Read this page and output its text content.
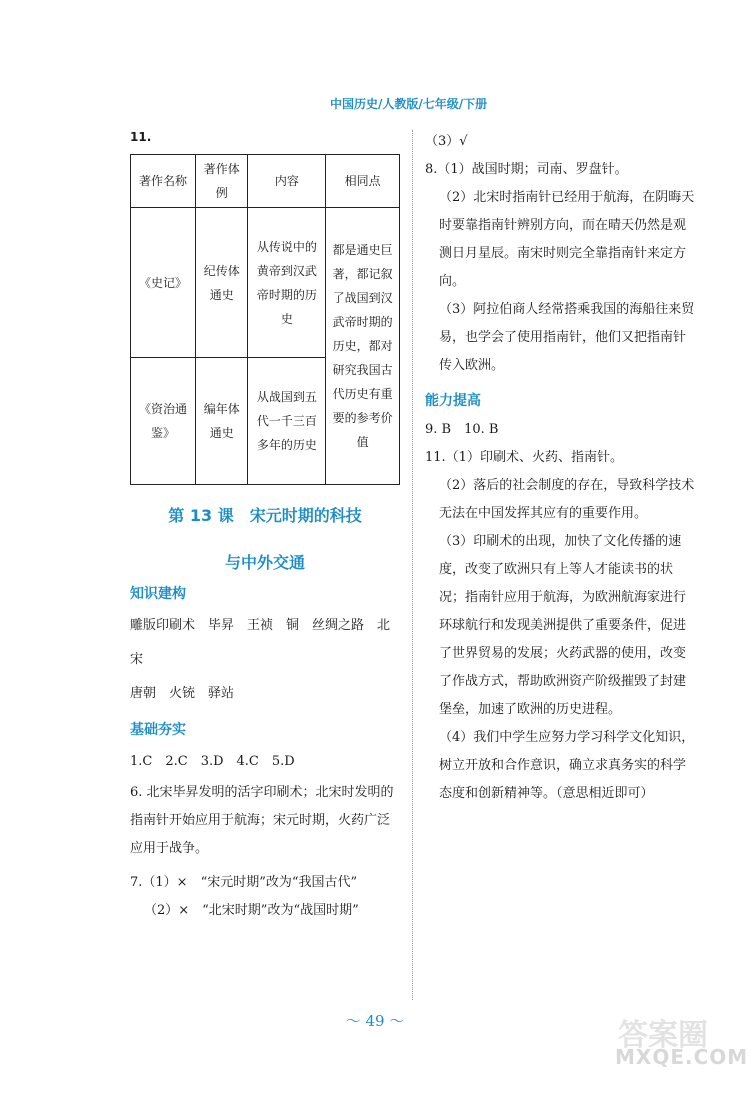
中国历史/人教版/七年级/下册
11.
著作名称	著作体例	内容	相同点
《史记》	纪传体通史	从传说中的黄帝到汉武帝时期的历史	都是通史巨著，都记叙了战国到汉武帝时期的历史，都对研究我国古代历史有重要的参考价值
《资治通鉴》	编年体通史	从战国到五代一千三百多年的历史	
第 13 课　宋元时期的科技
与中外交通
知识建构

雕版印刷术　毕昇　王祯　铜　丝绸之路　北宋

唐朝　火铳　驿站

基础夯实

1.C　2.C　3.D　4.C　5.D

6. 北宋毕昇发明的活字印刷术；北宋时发明的指南针开始应用于航海；宋元时期，火药广泛应用于战争。

7.（1）×　“宋元时期”改为“我国古代”

（2）×　“北宋时期”改为“战国时期”

（3）√

8.（1）战国时期；司南、罗盘针。

（2）北宋时指南针已经用于航海，在阴晦天时要靠指南针辨别方向，而在晴天仍然是观测日月星辰。南宋时则完全靠指南针来定方向。

（3）阿拉伯商人经常搭乘我国的海船往来贸易，也学会了使用指南针，他们又把指南针传入欧洲。

能力提高

9. B　10. B

11.（1）印刷术、火药、指南针。

（2）落后的社会制度的存在，导致科学技术无法在中国发挥其应有的重要作用。

（3）印刷术的出现，加快了文化传播的速度，改变了欧洲只有上等人才能读书的状况；指南针应用于航海，为欧洲航海家进行环球航行和发现美洲提供了重要条件，促进了世界贸易的发展；火药武器的使用，改变了作战方式，帮助欧洲资产阶级摧毁了封建堡垒，加速了欧洲的历史进程。

（4）我们中学生应努力学习科学文化知识，树立开放和合作意识，确立求真务实的科学态度和创新精神等。（意思相近即可）

～ 49 ～	答案圈
MXQE.COM
